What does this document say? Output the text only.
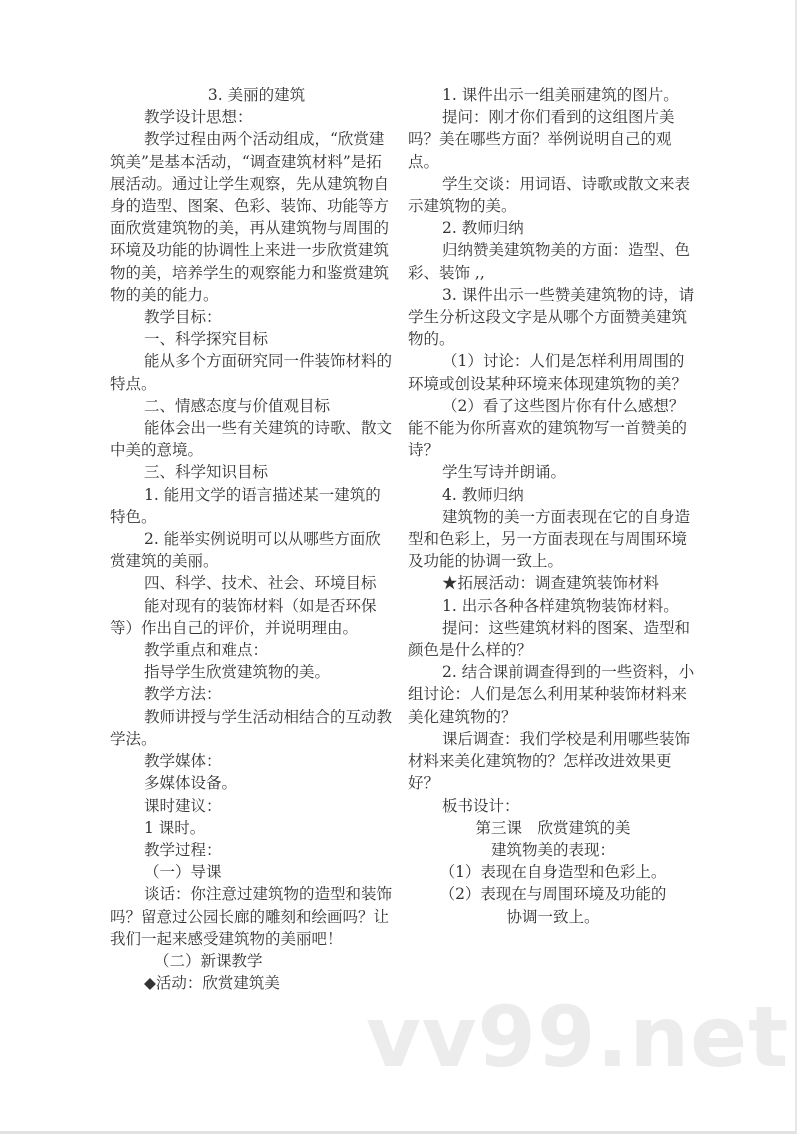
3. 美丽的建筑

教学设计思想：

教学过程由两个活动组成，“欣赏建筑美”是基本活动，“调查建筑材料”是拓展活动。通过让学生观察，先从建筑物自身的造型、图案、色彩、装饰、功能等方面欣赏建筑物的美，再从建筑物与周围的环境及功能的协调性上来进一步欣赏建筑物的美，培养学生的观察能力和鉴赏建筑物的美的能力。

教学目标：

一、科学探究目标

能从多个方面研究同一件装饰材料的特点。

二、情感态度与价值观目标

能体会出一些有关建筑的诗歌、散文中美的意境。

三、科学知识目标

1. 能用文学的语言描述某一建筑的特色。

2. 能举实例说明可以从哪些方面欣赏建筑的美丽。

四、科学、技术、社会、环境目标

能对现有的装饰材料（如是否环保等）作出自己的评价，并说明理由。

教学重点和难点：

指导学生欣赏建筑物的美。

教学方法：

教师讲授与学生活动相结合的互动教学法。

教学媒体：

多媒体设备。

课时建议：

1 课时。

教学过程：

（一）导课

谈话：你注意过建筑物的造型和装饰吗？留意过公园长廊的雕刻和绘画吗？让我们一起来感受建筑物的美丽吧！

（二）新课教学

◆活动：欣赏建筑美

1. 课件出示一组美丽建筑的图片。

提问：刚才你们看到的这组图片美吗？美在哪些方面？举例说明自己的观点。

学生交谈：用词语、诗歌或散文来表示建筑物的美。

2. 教师归纳

归纳赞美建筑物美的方面：造型、色彩、装饰 ,,

3. 课件出示一些赞美建筑物的诗，请学生分析这段文字是从哪个方面赞美建筑物的。

（1）讨论：人们是怎样利用周围的环境或创设某种环境来体现建筑物的美？

（2）看了这些图片你有什么感想？能不能为你所喜欢的建筑物写一首赞美的诗？

学生写诗并朗诵。

4. 教师归纳

建筑物的美一方面表现在它的自身造型和色彩上，另一方面表现在与周围环境及功能的协调一致上。

★拓展活动：调查建筑装饰材料

1. 出示各种各样建筑物装饰材料。

提问：这些建筑材料的图案、造型和颜色是什么样的？

2. 结合课前调查得到的一些资料，小组讨论：人们是怎么利用某种装饰材料来美化建筑物的？

课后调查：我们学校是利用哪些装饰材料来美化建筑物的？怎样改进效果更好？

板书设计：

第三课　欣赏建筑的美

建筑物美的表现：

（1）表现在自身造型和色彩上。

（2）表现在与周围环境及功能的

协调一致上。

vv99.net
